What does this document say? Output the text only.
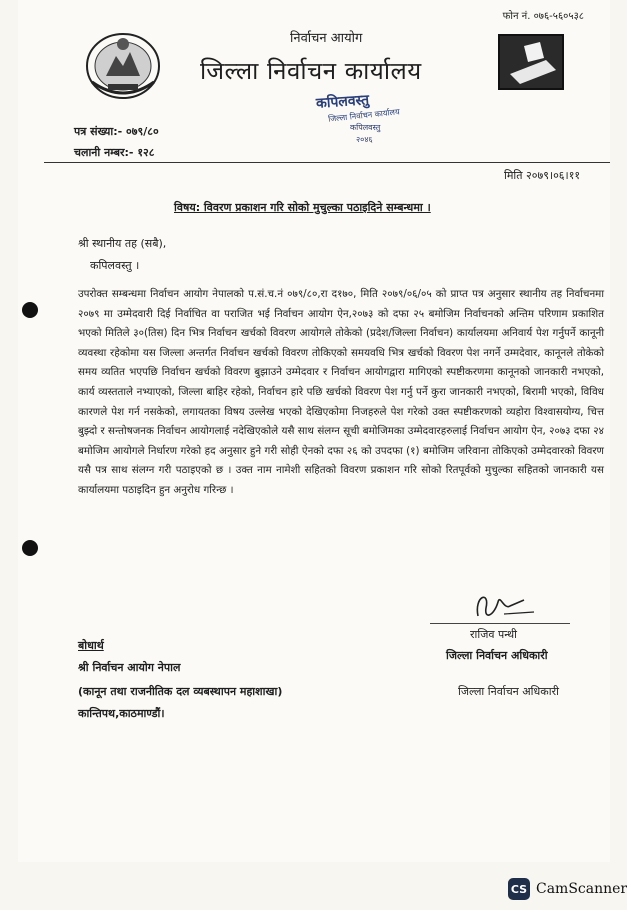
फोन नं. ०७६-५६०५३८
निर्वाचन आयोग
जिल्ला निर्वाचन कार्यालय
कपिलवस्तु
जिल्ला निर्वाचन कार्यालय
कपिलवस्तु
२०४६
पत्र संख्या:- ०७९/८०
चलानी नम्बर:- १२८
मिति २०७९।०६।११
विषय: विवरण प्रकाशन गरि सोको मुचुल्का पठाइदिने सम्बन्धमा ।
श्री स्थानीय तह (सबै),
कपिलवस्तु ।
उपरोक्त सम्बन्धमा निर्वाचन आयोग नेपालको प.सं.च.नं ०७९/८०,रा द१७०, मिति २०७९/०६/०५ को प्राप्त पत्र अनुसार स्थानीय तह निर्वाचनमा २०७९ मा उम्मेदवारी दिई निर्वाचित वा पराजित भई निर्वाचन आयोग ऐन,२०७३ को दफा २५ बमोजिम निर्वाचनको अन्तिम परिणाम प्रकाशित भएको मितिले ३०(तिस) दिन भित्र निर्वाचन खर्चको विवरण आयोगले तोकेको (प्रदेश/जिल्ला निर्वाचन) कार्यालयमा अनिवार्य पेश गर्नुपर्ने कानूनी व्यवस्था रहेकोमा यस जिल्ला अन्तर्गत निर्वाचन खर्चको विवरण तोकिएको समयवधि भित्र खर्चको विवरण पेश नगर्ने उम्मदेवार, कानूनले तोकेको समय व्यतित भएपछि निर्वाचन खर्चको विवरण बुझाउने उम्मेदवार र निर्वाचन आयोगद्वारा मागिएको स्पष्टीकरणमा कानूनको जानकारी नभएको, कार्य व्यस्तताले नभ्याएको, जिल्ला बाहिर रहेको, निर्वाचन हारे पछि खर्चको विवरण पेश गर्नु पर्ने कुरा जानकारी नभएको, बिरामी भएको, विविध कारणले पेश गर्न नसकेको, लगायतका विषय उल्लेख भएको देखिएकोमा निजहरुले पेश गरेको उक्त स्पष्टीकरणको व्यहोरा विश्वासयोग्य, चित्त बुझ्दो र सन्तोषजनक निर्वाचन आयोगलाई नदेखिएकोले यसै साथ संलग्न सूची बमोजिमका उम्मेदवारहरुलाई निर्वाचन आयोग ऐन, २०७३ दफा २४ बमोजिम आयोगले निर्धारण गरेको हद अनुसार हुने गरी सोही ऐनको दफा २६ को उपदफा (१) बमोजिम जरिवाना तोकिएको उम्मेदवारको विवरण यसै पत्र साथ संलग्न गरी पठाइएको छ । उक्त नाम नामेशी सहितको विवरण प्रकाशन गरि सोको रितपूर्वको मुचुल्का सहितको जानकारी यस कार्यालयमा पठाइदिन हुन अनुरोध गरिन्छ ।
राजिव पन्थी
जिल्ला निर्वाचन अधिकारी
जिल्ला निर्वाचन अधिकारी
बोधार्थ
श्री निर्वाचन आयोग नेपाल
(कानून तथा राजनीतिक दल व्यबस्थापन महाशाखा)
कान्तिपथ,काठमाण्डौं।
CS CamScanner
